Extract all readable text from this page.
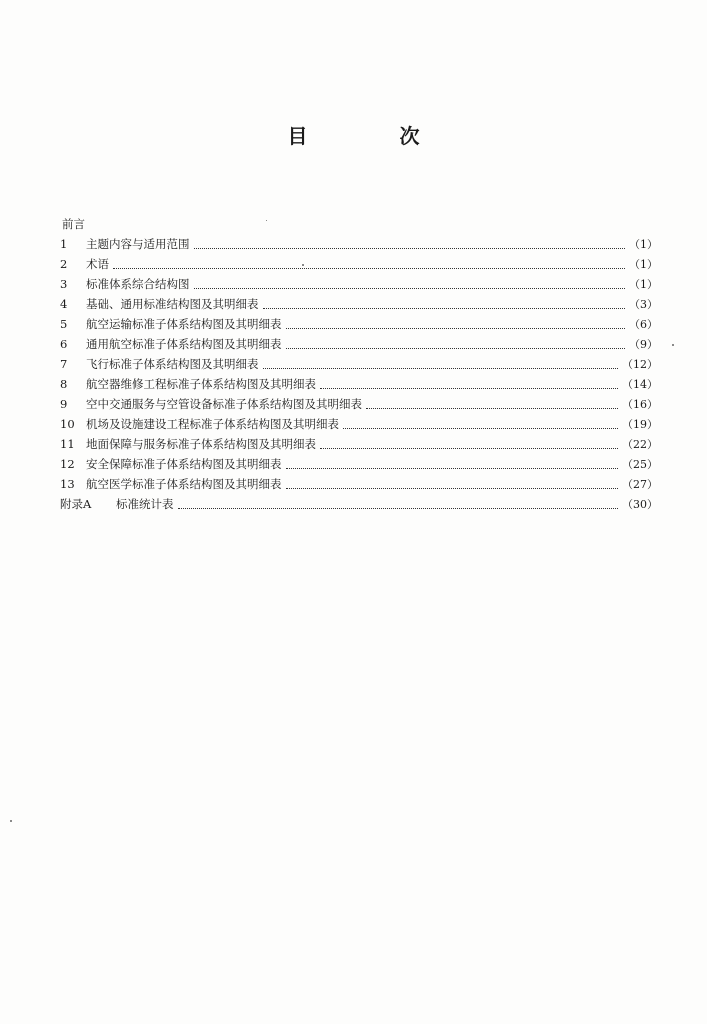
目　次
前言
1	主题内容与适用范围	（1）
2	术语	（1）
3	标准体系综合结构图	（1）
4	基础、通用标准结构图及其明细表	（3）
5	航空运输标准子体系结构图及其明细表	（6）
6	通用航空标准子体系结构图及其明细表	（9）
7	飞行标准子体系结构图及其明细表	（12）
8	航空器维修工程标准子体系结构图及其明细表	（14）
9	空中交通服务与空管设备标准子体系结构图及其明细表	（16）
10 机场及设施建设工程标准子体系结构图及其明细表	（19）
11 地面保障与服务标准子体系结构图及其明细表	（22）
12 安全保障标准子体系结构图及其明细表	（25）
13 航空医学标准子体系结构图及其明细表	（27）
附录A	标准统计表	（30）
